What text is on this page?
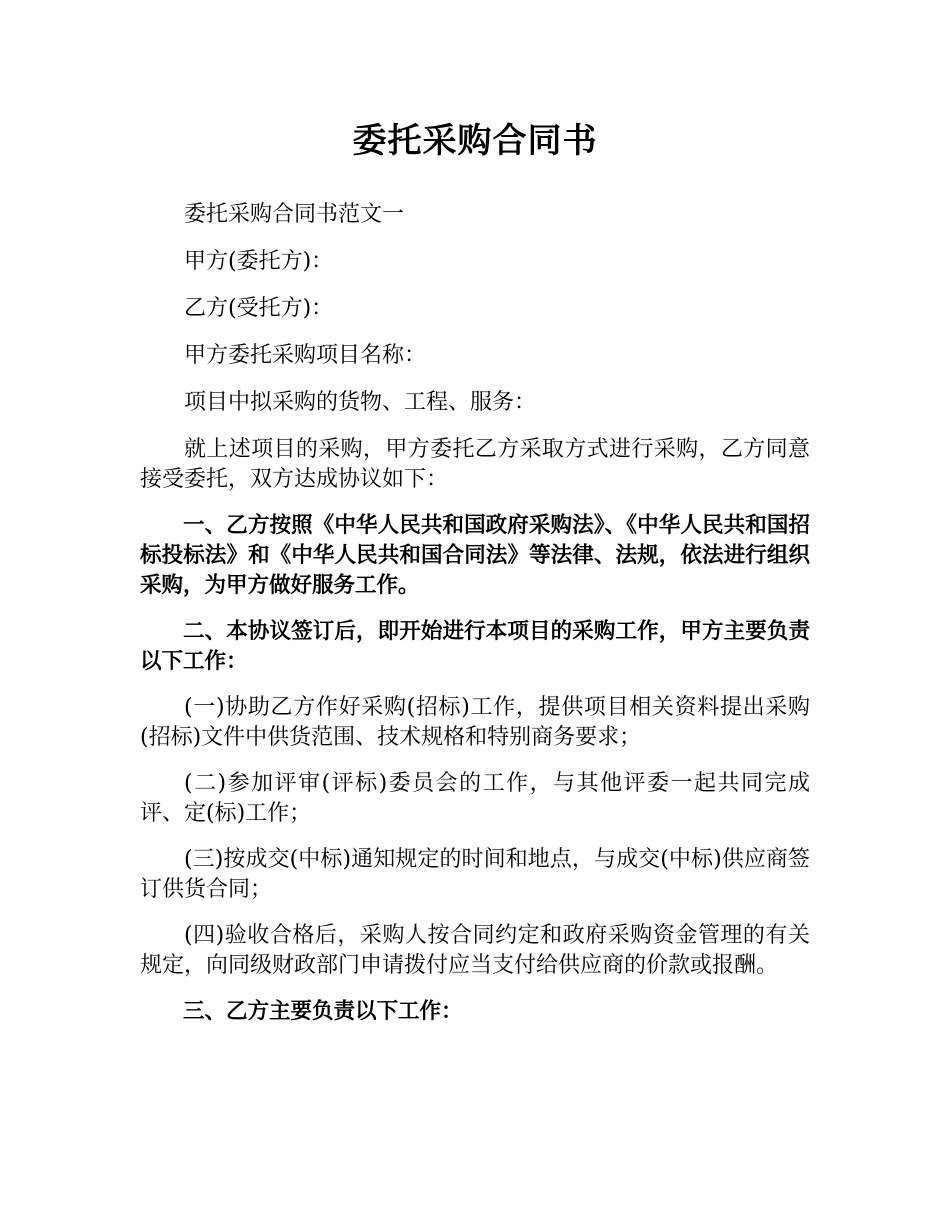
委托采购合同书

委托采购合同书范文一

甲方(委托方)：

乙方(受托方)：

甲方委托采购项目名称：

项目中拟采购的货物、工程、服务：

就上述项目的采购，甲方委托乙方采取方式进行采购，乙方同意接受委托，双方达成协议如下：

一、乙方按照《中华人民共和国政府采购法》、《中华人民共和国招标投标法》和《中华人民共和国合同法》等法律、法规，依法进行组织采购，为甲方做好服务工作。

二、本协议签订后，即开始进行本项目的采购工作，甲方主要负责以下工作：

(一)协助乙方作好采购(招标)工作，提供项目相关资料提出采购(招标)文件中供货范围、技术规格和特别商务要求；

(二)参加评审(评标)委员会的工作，与其他评委一起共同完成评、定(标)工作；

(三)按成交(中标)通知规定的时间和地点，与成交(中标)供应商签订供货合同；

(四)验收合格后，采购人按合同约定和政府采购资金管理的有关规定，向同级财政部门申请拨付应当支付给供应商的价款或报酬。

三、乙方主要负责以下工作：
